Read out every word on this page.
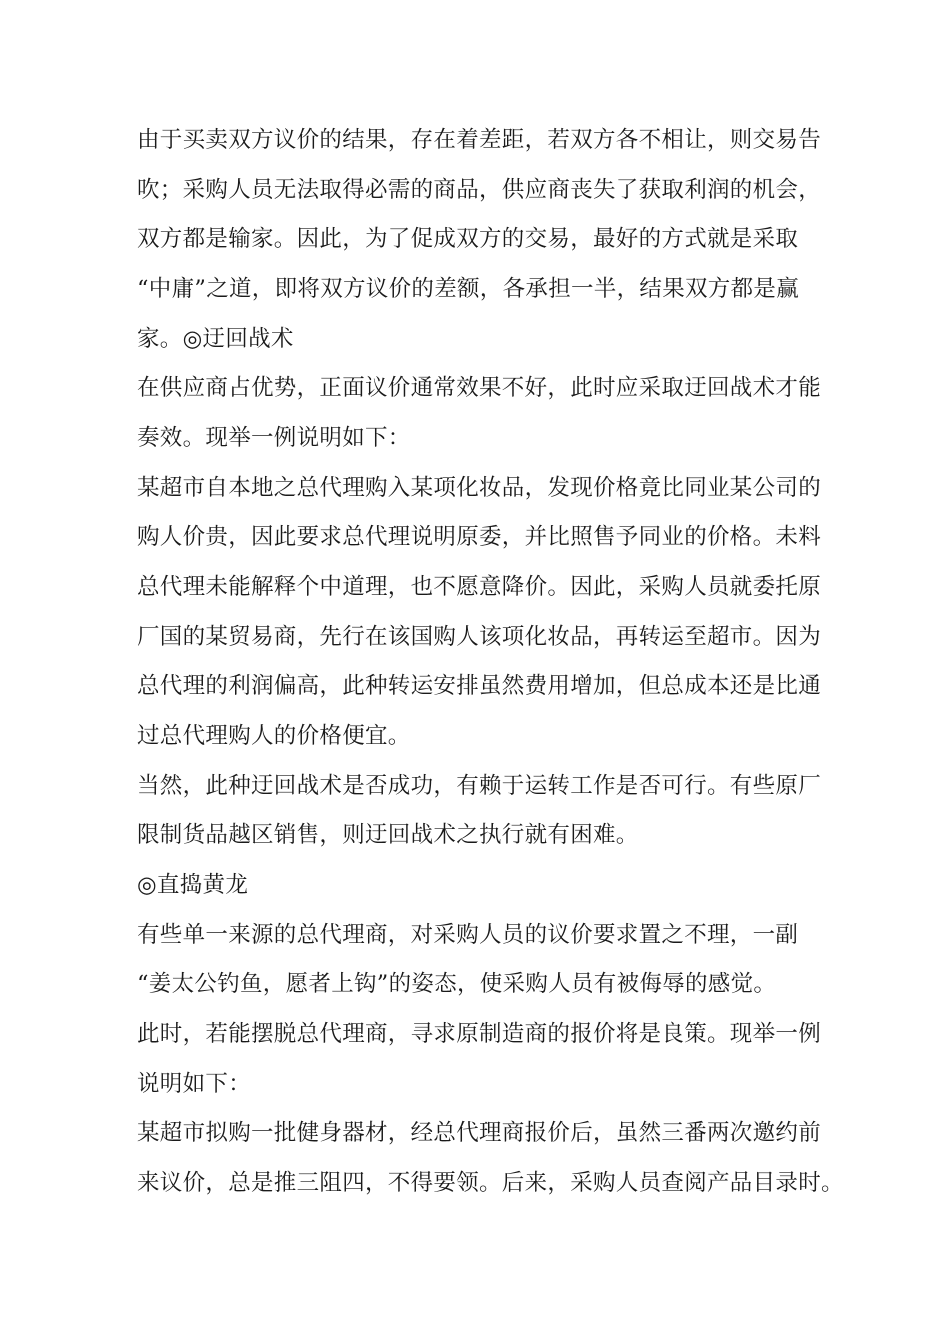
由于买卖双方议价的结果，存在着差距，若双方各不相让，则交易告

吹；采购人员无法取得必需的商品，供应商丧失了获取利润的机会，

双方都是输家。因此，为了促成双方的交易，最好的方式就是采取

“中庸”之道，即将双方议价的差额，各承担一半，结果双方都是赢

家。◎迂回战术

在供应商占优势，正面议价通常效果不好，此时应采取迂回战术才能

奏效。现举一例说明如下：

某超市自本地之总代理购入某项化妆品，发现价格竟比同业某公司的

购人价贵，因此要求总代理说明原委，并比照售予同业的价格。未料

总代理未能解释个中道理，也不愿意降价。因此，采购人员就委托原

厂国的某贸易商，先行在该国购人该项化妆品，再转运至超市。因为

总代理的利润偏高，此种转运安排虽然费用增加，但总成本还是比通

过总代理购人的价格便宜。

当然，此种迂回战术是否成功，有赖于运转工作是否可行。有些原厂

限制货品越区销售，则迂回战术之执行就有困难。

◎直捣黄龙

有些单一来源的总代理商，对采购人员的议价要求置之不理，一副

“姜太公钓鱼，愿者上钩”的姿态，使采购人员有被侮辱的感觉。

此时，若能摆脱总代理商，寻求原制造商的报价将是良策。现举一例

说明如下：

某超市拟购一批健身器材，经总代理商报价后，虽然三番两次邀约前

来议价，总是推三阻四，不得要领。后来，采购人员查阅产品目录时。
